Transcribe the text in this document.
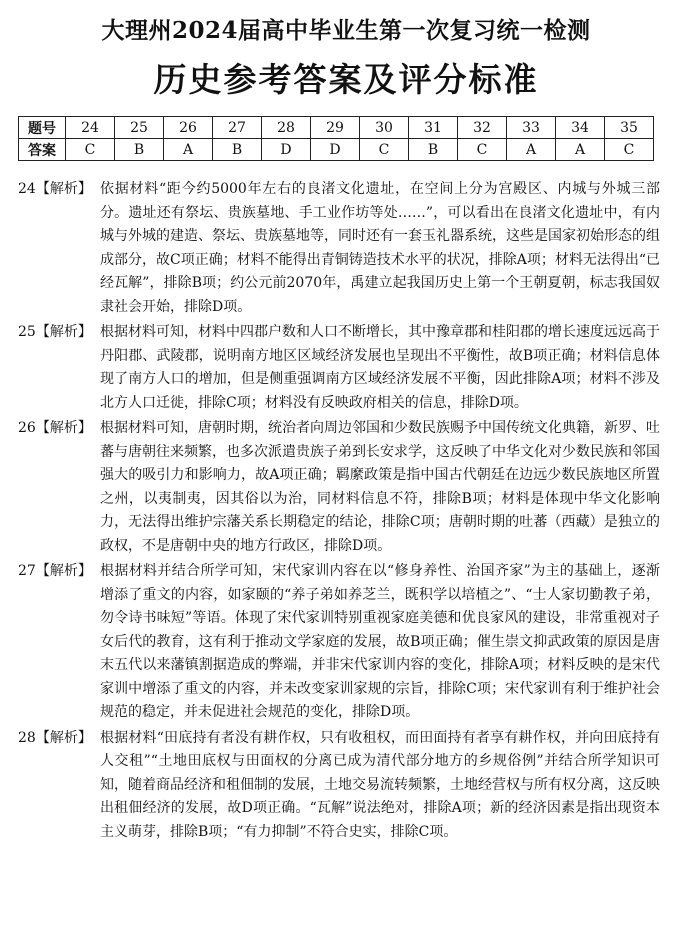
大理州2024届高中毕业生第一次复习统一检测
历史参考答案及评分标准
题号	24	25	26	27	28	29	30	31	32	33	34	35
答案	C	B	A	B	D	D	C	B	C	A	A	C
24【解析】 依据材料“距今约5000年左右的良渚文化遗址，在空间上分为宫殿区、内城与外城三部分。遗址还有祭坛、贵族墓地、手工业作坊等处……”，可以看出在良渚文化遗址中，有内城与外城的建造、祭坛、贵族墓地等，同时还有一套玉礼器系统，这些是国家初始形态的组成部分，故C项正确；材料不能得出青铜铸造技术水平的状况，排除A项；材料无法得出“已经瓦解”，排除B项；约公元前2070年，禹建立起我国历史上第一个王朝夏朝，标志我国奴隶社会开始，排除D项。
25【解析】 根据材料可知，材料中四郡户数和人口不断增长，其中豫章郡和桂阳郡的增长速度远远高于丹阳郡、武陵郡，说明南方地区区域经济发展也呈现出不平衡性，故B项正确；材料信息体现了南方人口的增加，但是侧重强调南方区域经济发展不平衡，因此排除A项；材料不涉及北方人口迁徙，排除C项；材料没有反映政府相关的信息，排除D项。
26【解析】 根据材料可知，唐朝时期，统治者向周边邻国和少数民族赐予中国传统文化典籍，新罗、吐蕃与唐朝往来频繁，也多次派遣贵族子弟到长安求学，这反映了中华文化对少数民族和邻国强大的吸引力和影响力，故A项正确；羁縻政策是指中国古代朝廷在边远少数民族地区所置之州，以夷制夷，因其俗以为治，同材料信息不符，排除B项；材料是体现中华文化影响力，无法得出维护宗藩关系长期稳定的结论，排除C项；唐朝时期的吐蕃（西藏）是独立的政权，不是唐朝中央的地方行政区，排除D项。
27【解析】 根据材料并结合所学可知，宋代家训内容在以“修身养性、治国齐家”为主的基础上，逐渐增添了重文的内容，如家颐的“养子弟如养芝兰，既积学以培植之”、“士人家切勤教子弟，勿令诗书味短”等语。体现了宋代家训特别重视家庭美德和优良家风的建设，非常重视对子女后代的教育，这有利于推动文学家庭的发展，故B项正确；催生崇文抑武政策的原因是唐末五代以来藩镇割据造成的弊端，并非宋代家训内容的变化，排除A项；材料反映的是宋代家训中增添了重文的内容，并未改变家训家规的宗旨，排除C项；宋代家训有利于维护社会规范的稳定，并未促进社会规范的变化，排除D项。
28【解析】 根据材料“田底持有者没有耕作权，只有收租权，而田面持有者享有耕作权，并向田底持有人交租”“土地田底权与田面权的分离已成为清代部分地方的乡规俗例”并结合所学知识可知，随着商品经济和租佃制的发展，土地交易流转频繁，土地经营权与所有权分离，这反映出租佃经济的发展，故D项正确。“瓦解”说法绝对，排除A项；新的经济因素是指出现资本主义萌芽，排除B项；“有力抑制”不符合史实，排除C项。
